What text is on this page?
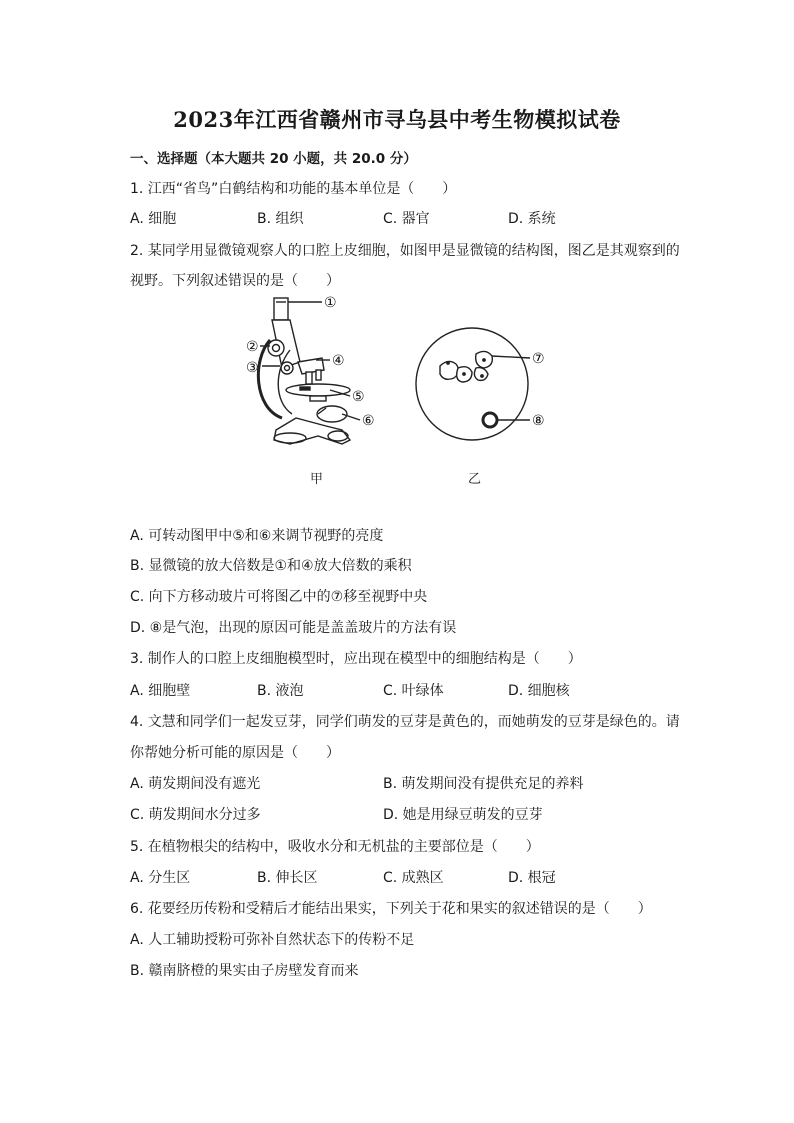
2023年江西省赣州市寻乌县中考生物模拟试卷
一、选择题（本大题共 20 小题，共 20.0 分）
1. 江西“省鸟”白鹤结构和功能的基本单位是（　　）
A. 细胞	B. 组织	C. 器官	D. 系统
2. 某同学用显微镜观察人的口腔上皮细胞，如图甲是显微镜的结构图，图乙是其观察到的
视野。下列叙述错误的是（　　）
①
②
③	④
⑤
⑥
⑦
⑧
甲	乙
A. 可转动图甲中⑤和⑥来调节视野的亮度
B. 显微镜的放大倍数是①和④放大倍数的乘积
C. 向下方移动玻片可将图乙中的⑦移至视野中央
D. ⑧是气泡，出现的原因可能是盖盖玻片的方法有误
3. 制作人的口腔上皮细胞模型时，应出现在模型中的细胞结构是（　　）
A. 细胞壁	B. 液泡	C. 叶绿体	D. 细胞核
4. 文慧和同学们一起发豆芽，同学们萌发的豆芽是黄色的，而她萌发的豆芽是绿色的。请
你帮她分析可能的原因是（　　）
A. 萌发期间没有遮光	B. 萌发期间没有提供充足的养料
C. 萌发期间水分过多	D. 她是用绿豆萌发的豆芽
5. 在植物根尖的结构中，吸收水分和无机盐的主要部位是（　　）
A. 分生区	B. 伸长区	C. 成熟区	D. 根冠
6. 花要经历传粉和受精后才能结出果实，下列关于花和果实的叙述错误的是（　　）
A. 人工辅助授粉可弥补自然状态下的传粉不足
B. 赣南脐橙的果实由子房壁发育而来
